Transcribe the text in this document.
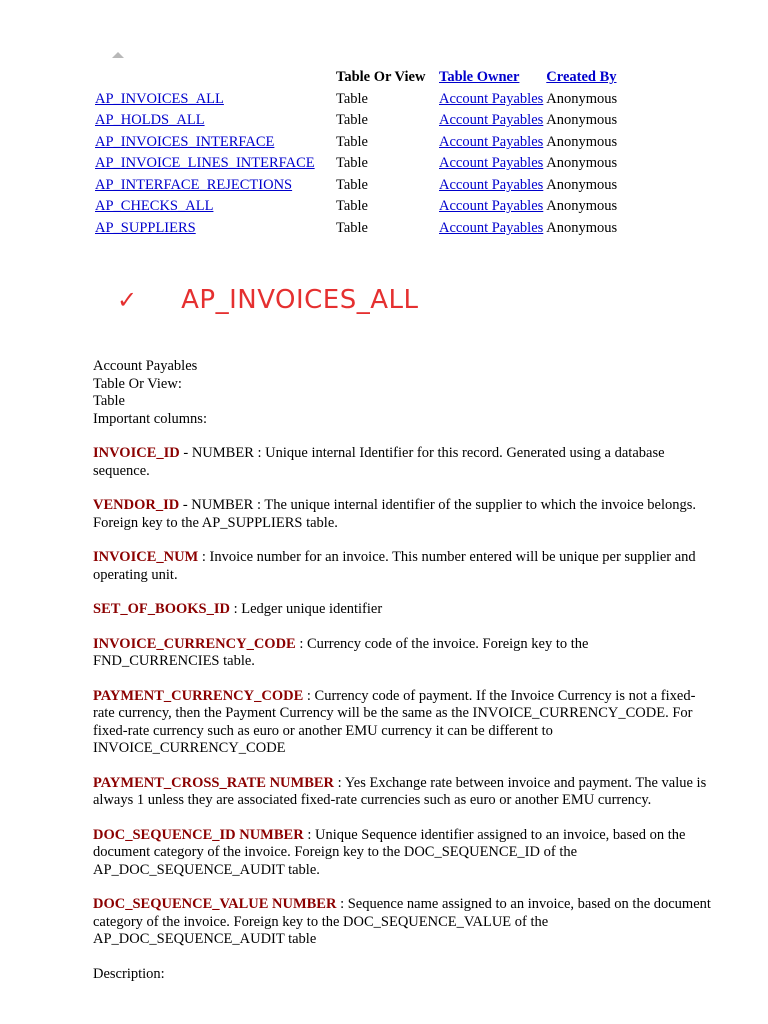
	Table Or View	Table Owner	Created By
AP_INVOICES_ALL	Table	Account Payables	Anonymous
AP_HOLDS_ALL	Table	Account Payables	Anonymous
AP_INVOICES_INTERFACE	Table	Account Payables	Anonymous
AP_INVOICE_LINES_INTERFACE	Table	Account Payables	Anonymous
AP_INTERFACE_REJECTIONS	Table	Account Payables	Anonymous
AP_CHECKS_ALL	Table	Account Payables	Anonymous
AP_SUPPLIERS	Table	Account Payables	Anonymous
✓ AP_INVOICES_ALL
Account Payables
Table Or View:
Table
Important columns:
INVOICE_ID - NUMBER : Unique internal Identifier for this record. Generated using a database sequence.
VENDOR_ID - NUMBER : The unique internal identifier of the supplier to which the invoice belongs. Foreign key to the AP_SUPPLIERS table.
INVOICE_NUM : Invoice number for an invoice. This number entered will be unique per supplier and operating unit.
SET_OF_BOOKS_ID : Ledger unique identifier
INVOICE_CURRENCY_CODE : Currency code of the invoice. Foreign key to the FND_CURRENCIES table.
PAYMENT_CURRENCY_CODE : Currency code of payment. If the Invoice Currency is not a fixed-rate currency, then the Payment Currency will be the same as the INVOICE_CURRENCY_CODE. For fixed-rate currency such as euro or another EMU currency it can be different to INVOICE_CURRENCY_CODE
PAYMENT_CROSS_RATE NUMBER : Yes Exchange rate between invoice and payment. The value is always 1 unless they are associated fixed-rate currencies such as euro or another EMU currency.
DOC_SEQUENCE_ID NUMBER : Unique Sequence identifier assigned to an invoice, based on the document category of the invoice. Foreign key to the DOC_SEQUENCE_ID of the AP_DOC_SEQUENCE_AUDIT table.
DOC_SEQUENCE_VALUE NUMBER : Sequence name assigned to an invoice, based on the document category of the invoice. Foreign key to the DOC_SEQUENCE_VALUE of the AP_DOC_SEQUENCE_AUDIT table
Description:
